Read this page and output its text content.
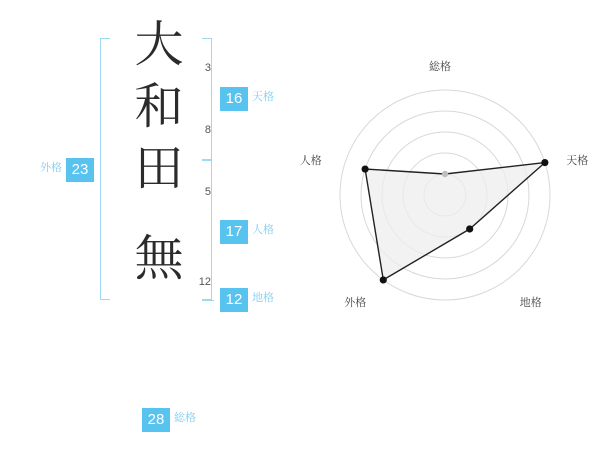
大 3
和 8
田 5
無 12
外格 23
16 天格
17 人格
12 地格
28 総格
総格
天格
地格
外格
人格
